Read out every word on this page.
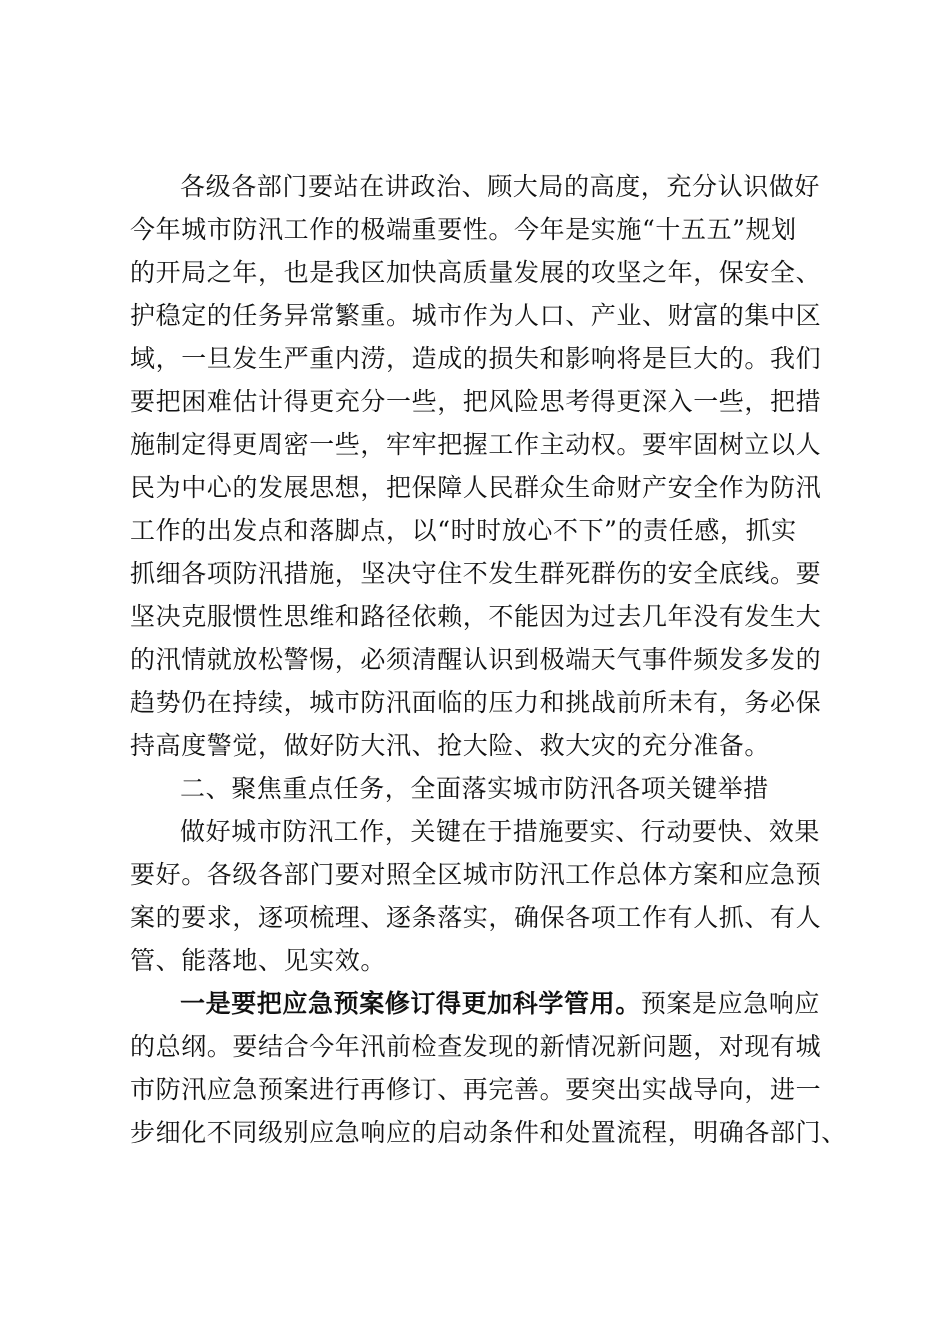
各级各部门要站在讲政治、顾大局的高度，充分认识做好
今年城市防汛工作的极端重要性。今年是实施“十五五”规划
的开局之年，也是我区加快高质量发展的攻坚之年，保安全、
护稳定的任务异常繁重。城市作为人口、产业、财富的集中区
域，一旦发生严重内涝，造成的损失和影响将是巨大的。我们
要把困难估计得更充分一些，把风险思考得更深入一些，把措
施制定得更周密一些，牢牢把握工作主动权。要牢固树立以人
民为中心的发展思想，把保障人民群众生命财产安全作为防汛
工作的出发点和落脚点，以“时时放心不下”的责任感，抓实
抓细各项防汛措施，坚决守住不发生群死群伤的安全底线。要
坚决克服惯性思维和路径依赖，不能因为过去几年没有发生大
的汛情就放松警惕，必须清醒认识到极端天气事件频发多发的
趋势仍在持续，城市防汛面临的压力和挑战前所未有，务必保
持高度警觉，做好防大汛、抢大险、救大灾的充分准备。
二、聚焦重点任务，全面落实城市防汛各项关键举措
做好城市防汛工作，关键在于措施要实、行动要快、效果
要好。各级各部门要对照全区城市防汛工作总体方案和应急预
案的要求，逐项梳理、逐条落实，确保各项工作有人抓、有人
管、能落地、见实效。
一是要把应急预案修订得更加科学管用。预案是应急响应
的总纲。要结合今年汛前检查发现的新情况新问题，对现有城
市防汛应急预案进行再修订、再完善。要突出实战导向，进一
步细化不同级别应急响应的启动条件和处置流程，明确各部门、
